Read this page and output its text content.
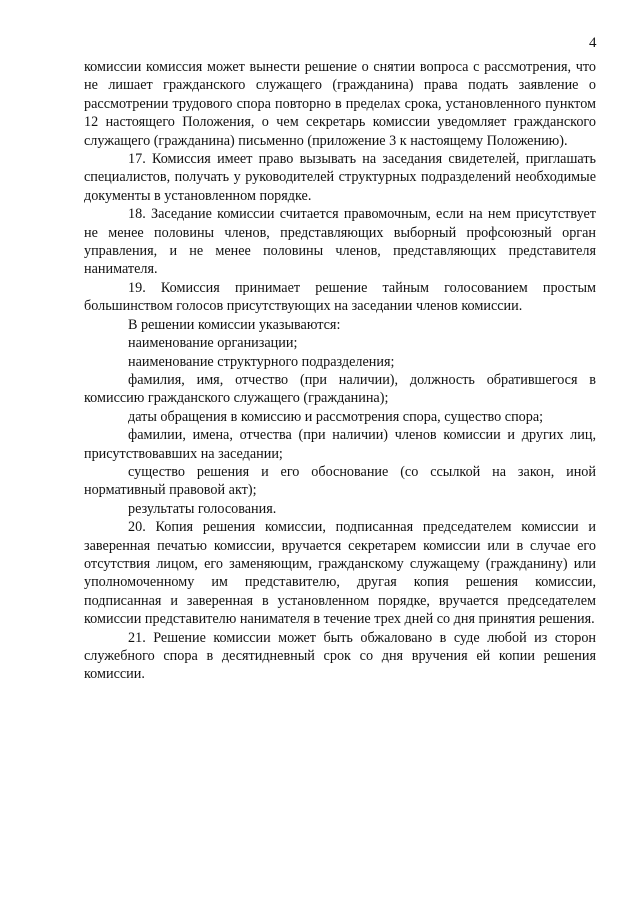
4

комиссии комиссия может вынести решение о снятии вопроса с рассмотрения, что не лишает гражданского служащего (гражданина) права подать заявление о рассмотрении трудового спора повторно в пределах срока, установленного пунктом 12 настоящего Положения, о чем секретарь комиссии уведомляет гражданского служащего (гражданина) письменно (приложение 3 к настоящему Положению).

17. Комиссия имеет право вызывать на заседания свидетелей, приглашать специалистов, получать у руководителей структурных подразделений необходимые документы в установленном порядке.

18. Заседание комиссии считается правомочным, если на нем присутствует не менее половины членов, представляющих выборный профсоюзный орган управления, и не менее половины членов, представляющих представителя нанимателя.

19. Комиссия принимает решение тайным голосованием простым большинством голосов присутствующих на заседании членов комиссии.

В решении комиссии указываются:

наименование организации;

наименование структурного подразделения;

фамилия, имя, отчество (при наличии), должность обратившегося в комиссию гражданского служащего (гражданина);

даты обращения в комиссию и рассмотрения спора, существо спора;

фамилии, имена, отчества (при наличии) членов комиссии и других лиц, присутствовавших на заседании;

существо решения и его обоснование (со ссылкой на закон, иной нормативный правовой акт);

результаты голосования.

20. Копия решения комиссии, подписанная председателем комиссии и заверенная печатью комиссии, вручается секретарем комиссии или в случае его отсутствия лицом, его заменяющим, гражданскому служащему (гражданину) или уполномоченному им представителю, другая копия решения комиссии, подписанная и заверенная в установленном порядке, вручается председателем комиссии представителю нанимателя в течение трех дней со дня принятия решения.

21. Решение комиссии может быть обжаловано в суде любой из сторон служебного спора в десятидневный срок со дня вручения ей копии решения комиссии.
